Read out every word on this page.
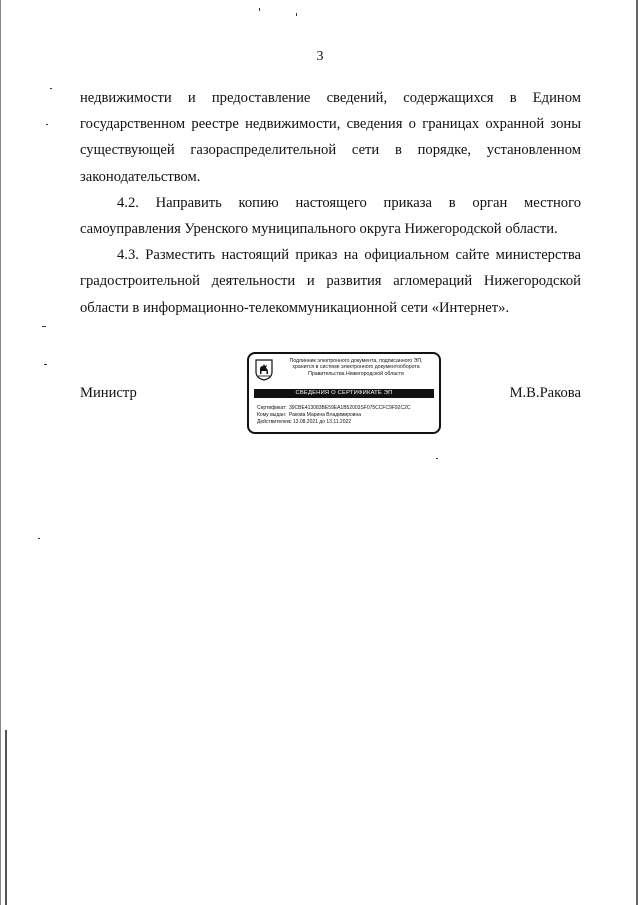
3
недвижимости и предоставление сведений, содержащихся в Едином
государственном реестре недвижимости, сведения о границах охранной зоны
существующей газораспределительной сети в порядке, установленном
законодательством.
4.2. Направить копию настоящего приказа в орган местного
самоуправления Уренского муниципального округа Нижегородской области.
4.3. Разместить настоящий приказ на официальном сайте министерства
градостроительной деятельности и развития агломераций Нижегородской
области в информационно-телекоммуникационной сети «Интернет».
Министр	М.В.Ракова
Подлинник электронного документа, подписанного ЭП,
хранится в системе электронного документооборота
Правительства Нижегородской области
СВЕДЕНИЯ О СЕРТИФИКАТЕ ЭП
Сертификат: 39CBE413083BE59EA1B52003SF075CCFC9F92C2C
Кому выдан: Ракова Марина Владимировна
Действителен:с 13.08.2021 до 13.11.2022
